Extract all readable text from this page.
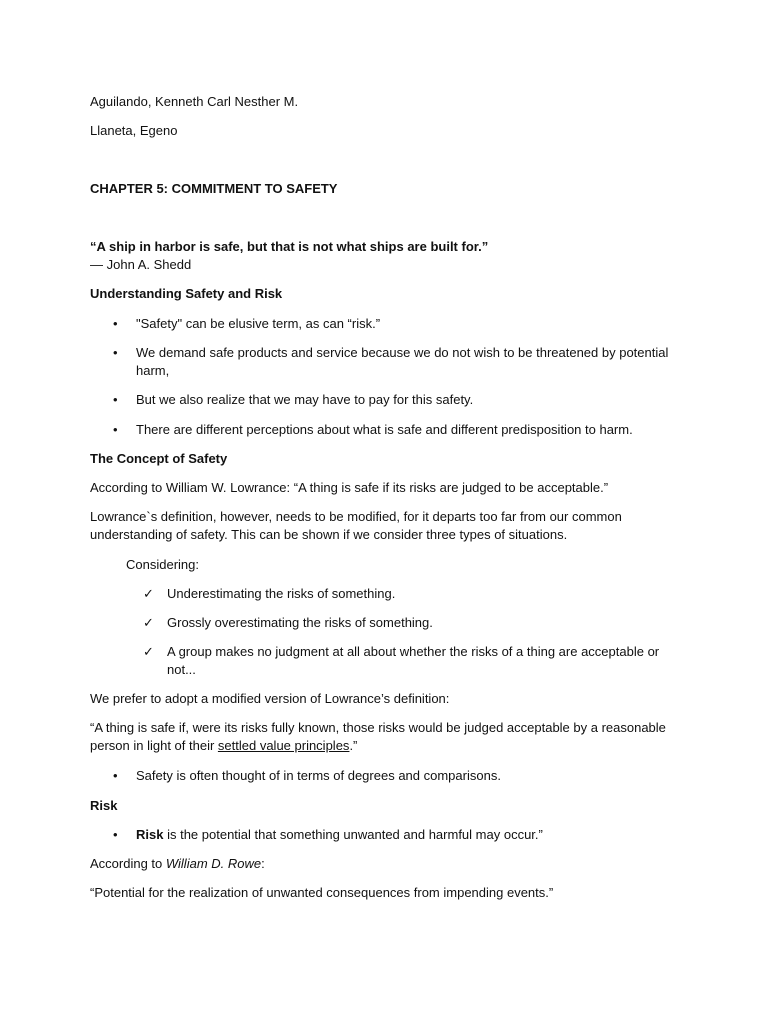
Aguilando, Kenneth Carl Nesther M.
Llaneta, Egeno
CHAPTER 5: COMMITMENT TO SAFETY
“A ship in harbor is safe, but that is not what ships are built for.”
— John A. Shedd
Understanding Safety and Risk
• "Safety" can be elusive term, as can “risk.”
• We demand safe products and service because we do not wish to be threatened by potential
harm,
• But we also realize that we may have to pay for this safety.
• There are different perceptions about what is safe and different predisposition to harm.
The Concept of Safety
According to William W. Lowrance: “A thing is safe if its risks are judged to be acceptable.”
Lowrance`s definition, however, needs to be modified, for it departs too far from our common
understanding of safety. This can be shown if we consider three types of situations.
Considering:
✓ Underestimating the risks of something.
✓ Grossly overestimating the risks of something.
✓ A group makes no judgment at all about whether the risks of a thing are acceptable or
not...
We prefer to adopt a modified version of Lowrance’s definition:
“A thing is safe if, were its risks fully known, those risks would be judged acceptable by a reasonable
person in light of their settled value principles.”
• Safety is often thought of in terms of degrees and comparisons.
Risk
• Risk is the potential that something unwanted and harmful may occur.”
According to William D. Rowe:
“Potential for the realization of unwanted consequences from impending events.”
